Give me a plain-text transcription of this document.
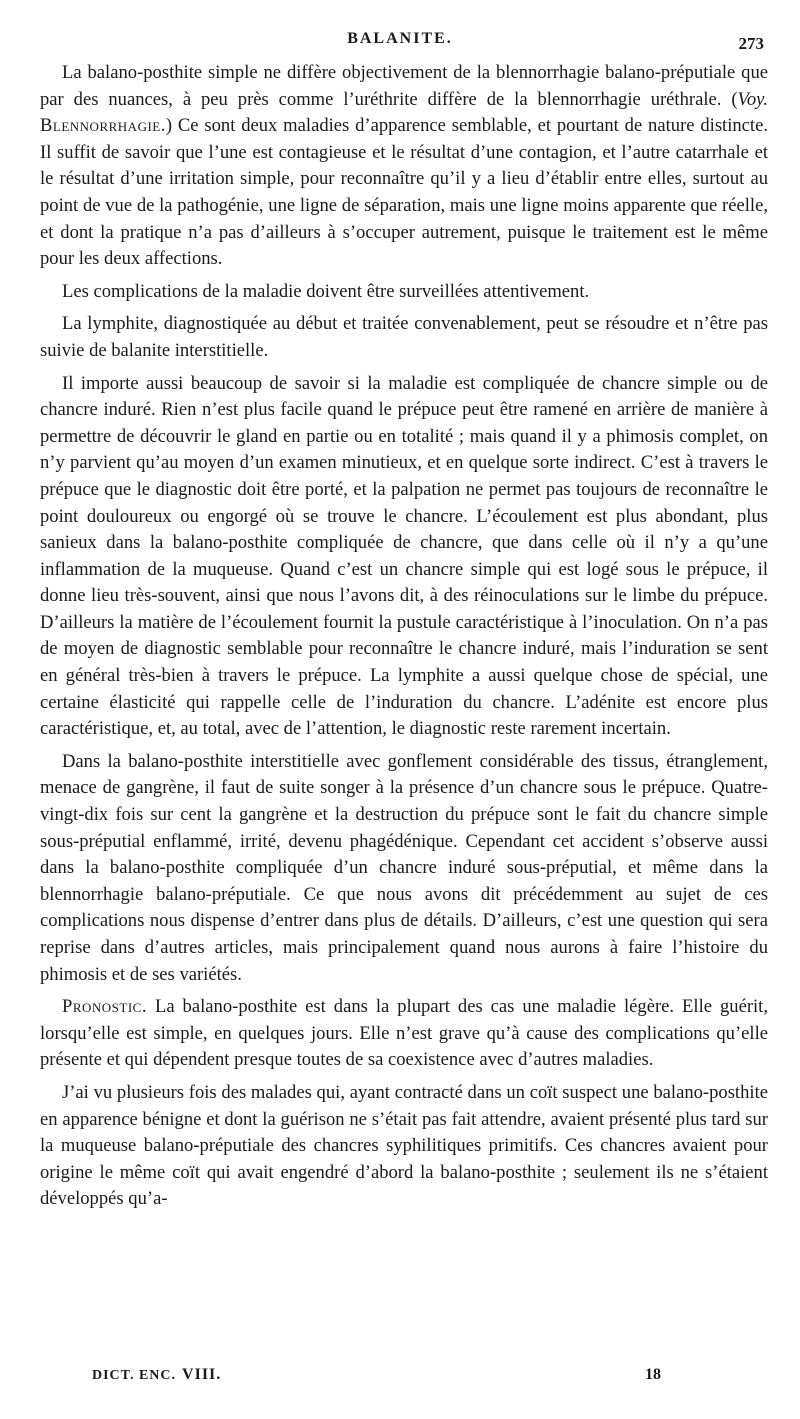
BALANITE.	273

La balano-posthite simple ne diffère objectivement de la blennorrhagie balano-préputiale que par des nuances, à peu près comme l’uréthrite diffère de la blennorrhagie uréthrale. (Voy. Blennorrhagie.) Ce sont deux maladies d’apparence semblable, et pourtant de nature distincte. Il suffit de savoir que l’une est contagieuse et le résultat d’une contagion, et l’autre catarrhale et le résultat d’une irritation simple, pour reconnaître qu’il y a lieu d’établir entre elles, surtout au point de vue de la pathogénie, une ligne de séparation, mais une ligne moins apparente que réelle, et dont la pratique n’a pas d’ailleurs à s’occuper autrement, puisque le traitement est le même pour les deux affections.

Les complications de la maladie doivent être surveillées attentivement.

La lymphite, diagnostiquée au début et traitée convenablement, peut se résoudre et n’être pas suivie de balanite interstitielle.

Il importe aussi beaucoup de savoir si la maladie est compliquée de chancre simple ou de chancre induré. Rien n’est plus facile quand le prépuce peut être ramené en arrière de manière à permettre de découvrir le gland en partie ou en totalité ; mais quand il y a phimosis complet, on n’y parvient qu’au moyen d’un examen minutieux, et en quelque sorte indirect. C’est à travers le prépuce que le diagnostic doit être porté, et la palpation ne permet pas toujours de reconnaître le point douloureux ou engorgé où se trouve le chancre. L’écoulement est plus abondant, plus sanieux dans la balano-posthite compliquée de chancre, que dans celle où il n’y a qu’une inflammation de la muqueuse. Quand c’est un chancre simple qui est logé sous le prépuce, il donne lieu très-souvent, ainsi que nous l’avons dit, à des réinoculations sur le limbe du prépuce. D’ailleurs la matière de l’écoulement fournit la pustule caractéristique à l’inoculation. On n’a pas de moyen de diagnostic semblable pour reconnaître le chancre induré, mais l’induration se sent en général très-bien à travers le prépuce. La lymphite a aussi quelque chose de spécial, une certaine élasticité qui rappelle celle de l’induration du chancre. L’adénite est encore plus caractéristique, et, au total, avec de l’attention, le diagnostic reste rarement incertain.

Dans la balano-posthite interstitielle avec gonflement considérable des tissus, étranglement, menace de gangrène, il faut de suite songer à la présence d’un chancre sous le prépuce. Quatre-vingt-dix fois sur cent la gangrène et la destruction du prépuce sont le fait du chancre simple sous-préputial enflammé, irrité, devenu phagédénique. Cependant cet accident s’observe aussi dans la balano-posthite compliquée d’un chancre induré sous-préputial, et même dans la blennorrhagie balano-préputiale. Ce que nous avons dit précédemment au sujet de ces complications nous dispense d’entrer dans plus de détails. D’ailleurs, c’est une question qui sera reprise dans d’autres articles, mais principalement quand nous aurons à faire l’histoire du phimosis et de ses variétés.

Pronostic. La balano-posthite est dans la plupart des cas une maladie légère. Elle guérit, lorsqu’elle est simple, en quelques jours. Elle n’est grave qu’à cause des complications qu’elle présente et qui dépendent presque toutes de sa coexistence avec d’autres maladies.

J’ai vu plusieurs fois des malades qui, ayant contracté dans un coït suspect une balano-posthite en apparence bénigne et dont la guérison ne s’était pas fait attendre, avaient présenté plus tard sur la muqueuse balano-préputiale des chancres syphilitiques primitifs. Ces chancres avaient pour origine le même coït qui avait engendré d’abord la balano-posthite ; seulement ils ne s’étaient développés qu’a-

DICT. ENC. VIII.	18
